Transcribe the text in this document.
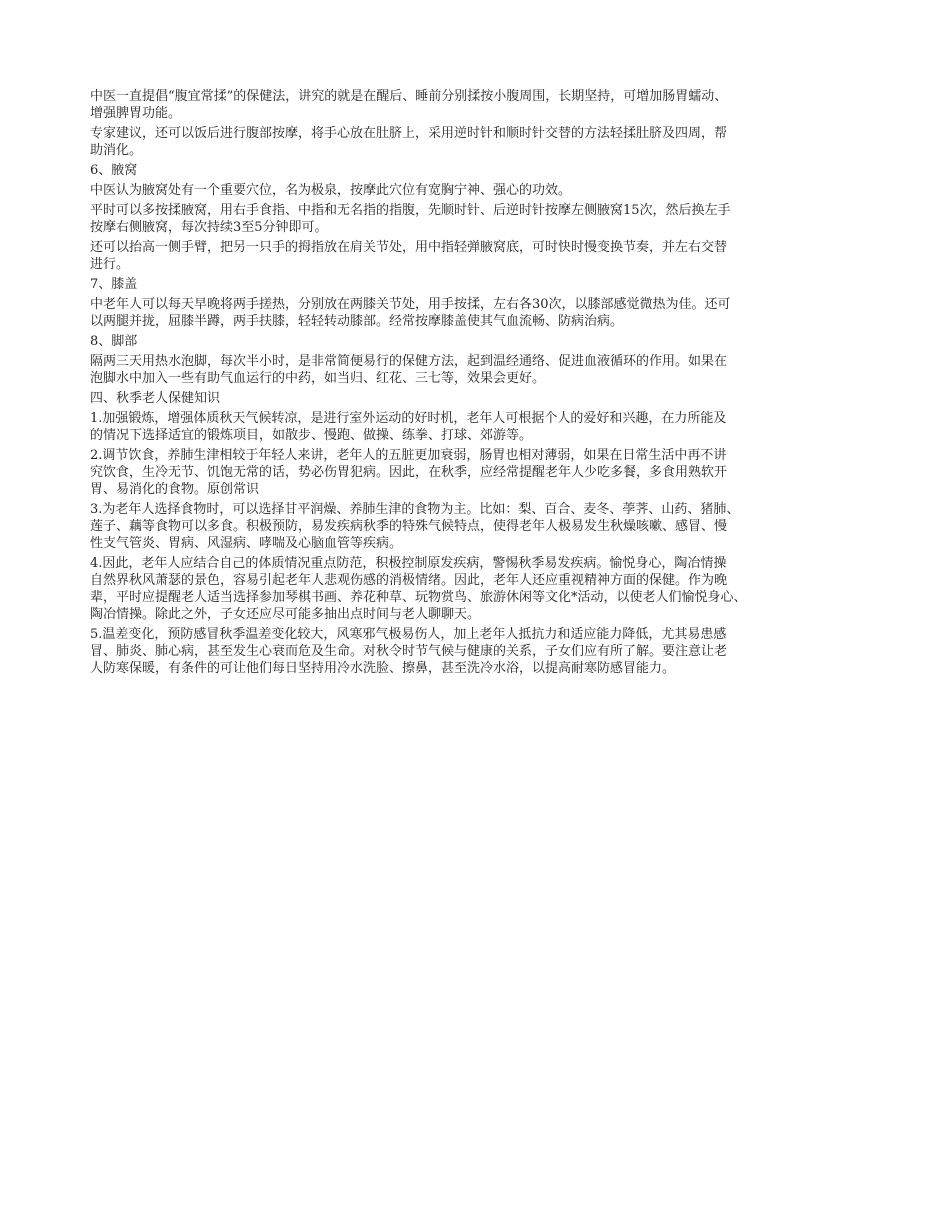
中医一直提倡“腹宜常揉”的保健法，讲究的就是在醒后、睡前分别揉按小腹周围，长期坚持，可增加肠胃蠕动、

增强脾胃功能。

专家建议，还可以饭后进行腹部按摩，将手心放在肚脐上，采用逆时针和顺时针交替的方法轻揉肚脐及四周，帮

助消化。

6、腋窝

中医认为腋窝处有一个重要穴位，名为极泉，按摩此穴位有宽胸宁神、强心的功效。

平时可以多按揉腋窝，用右手食指、中指和无名指的指腹，先顺时针、后逆时针按摩左侧腋窝15次，然后换左手

按摩右侧腋窝，每次持续3至5分钟即可。

还可以抬高一侧手臂，把另一只手的拇指放在肩关节处，用中指轻弹腋窝底，可时快时慢变换节奏，并左右交替

进行。

7、膝盖

中老年人可以每天早晚将两手搓热，分别放在两膝关节处，用手按揉，左右各30次，以膝部感觉微热为佳。还可

以两腿并拢，屈膝半蹲，两手扶膝，轻轻转动膝部。经常按摩膝盖使其气血流畅、防病治病。

8、脚部

隔两三天用热水泡脚，每次半小时，是非常简便易行的保健方法，起到温经通络、促进血液循环的作用。如果在

泡脚水中加入一些有助气血运行的中药，如当归、红花、三七等，效果会更好。

四、秋季老人保健知识

1.加强锻炼，增强体质秋天气候转凉，是进行室外运动的好时机，老年人可根据个人的爱好和兴趣，在力所能及

的情况下选择适宜的锻炼项目，如散步、慢跑、做操、练拳、打球、郊游等。

2.调节饮食，养肺生津相较于年轻人来讲，老年人的五脏更加衰弱，肠胃也相对薄弱，如果在日常生活中再不讲

究饮食，生冷无节、饥饱无常的话，势必伤胃犯病。因此，在秋季，应经常提醒老年人少吃多餐，多食用熟软开

胃、易消化的食物。原创常识

3.为老年人选择食物时，可以选择甘平润燥、养肺生津的食物为主。比如：梨、百合、麦冬、荸荠、山药、猪肺、

莲子、藕等食物可以多食。积极预防，易发疾病秋季的特殊气候特点，使得老年人极易发生秋燥咳嗽、感冒、慢

性支气管炎、胃病、风湿病、哮喘及心脑血管等疾病。

4.因此，老年人应结合自己的体质情况重点防范，积极控制原发疾病，警惕秋季易发疾病。愉悦身心，陶冶情操

自然界秋风萧瑟的景色，容易引起老年人悲观伤感的消极情绪。因此，老年人还应重视精神方面的保健。作为晚

辈，平时应提醒老人适当选择参加琴棋书画、养花种草、玩物赏鸟、旅游休闲等文化*活动，以使老人们愉悦身心、

陶冶情操。除此之外，子女还应尽可能多抽出点时间与老人聊聊天。

5.温差变化，预防感冒秋季温差变化较大，风寒邪气极易伤人，加上老年人抵抗力和适应能力降低，尤其易患感

冒、肺炎、肺心病，甚至发生心衰而危及生命。对秋令时节气候与健康的关系，子女们应有所了解。要注意让老

人防寒保暖，有条件的可让他们每日坚持用冷水洗脸、擦鼻，甚至洗冷水浴，以提高耐寒防感冒能力。
